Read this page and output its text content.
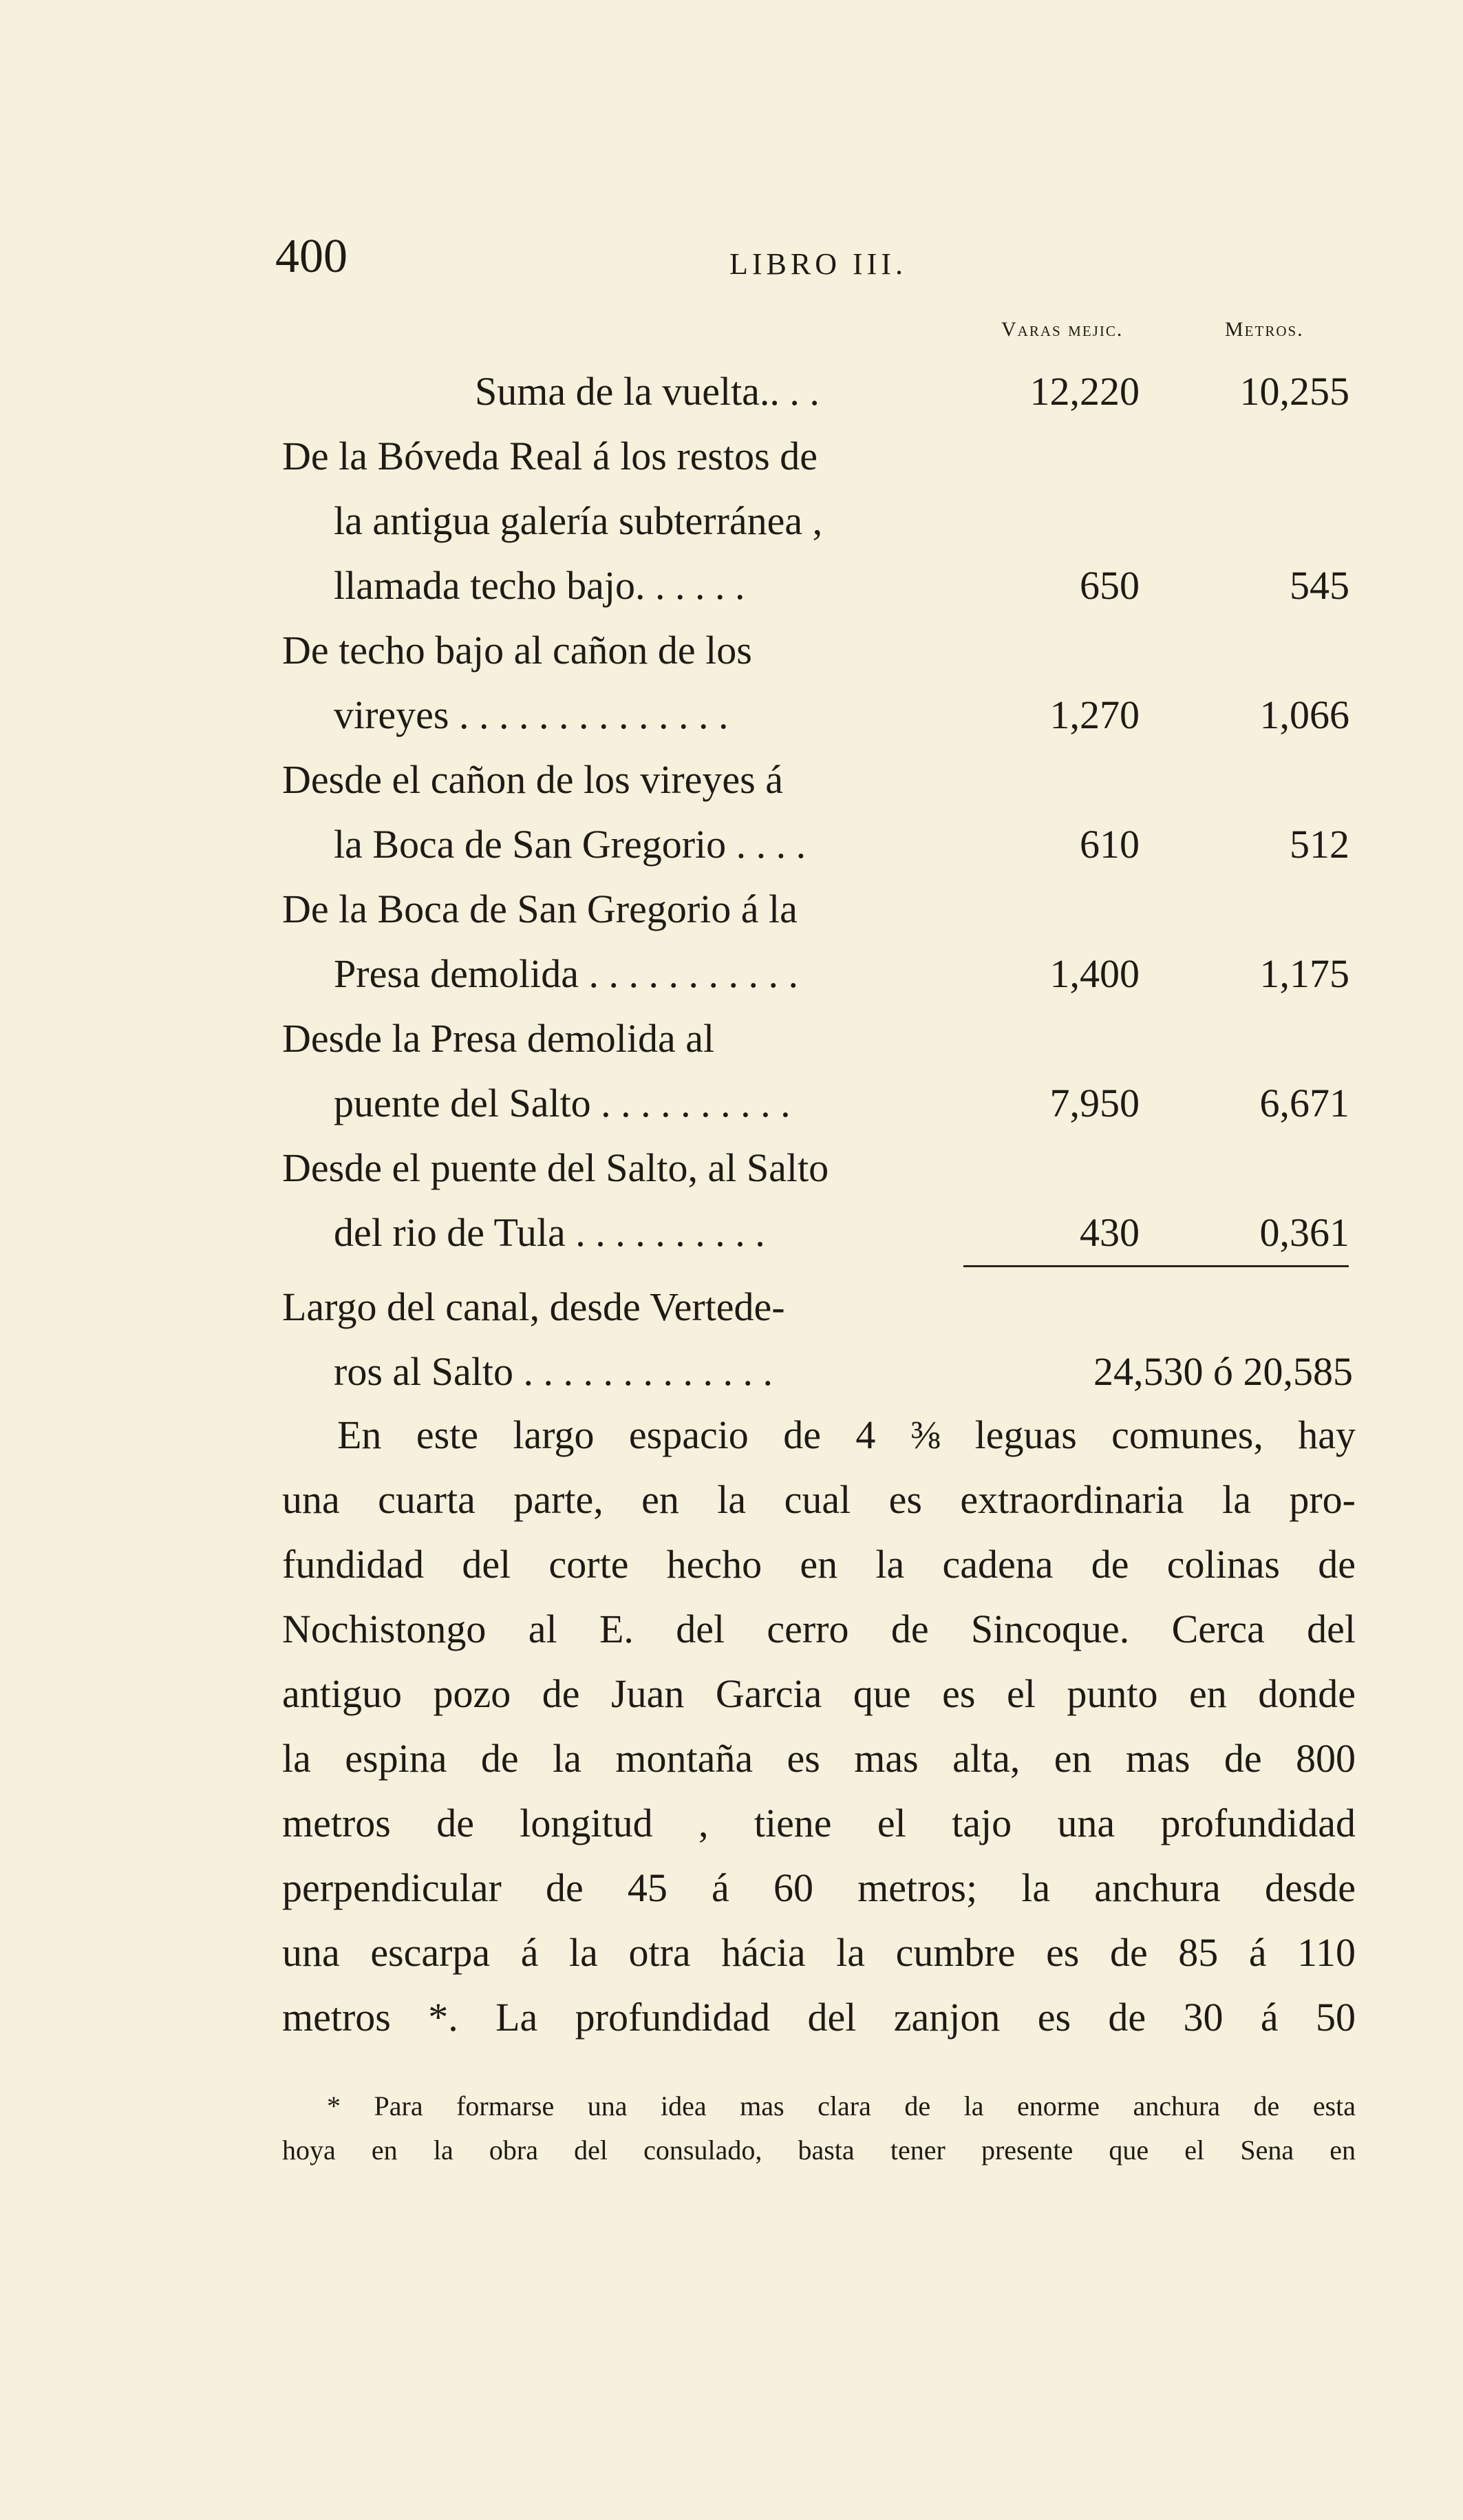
400	LIBRO III.
Varas mejic.	Metros.
Suma de la vuelta.. . .	12,220	10,255
De la Bóveda Real á los restos de
la antigua galería subterránea ,
llamada techo bajo. . . . . .	650	545
De techo bajo al cañon de los
vireyes . . . . . . . . . . . . . .	1,270	1,066
Desde el cañon de los vireyes á
la Boca de San Gregorio . . . .	610	512
De la Boca de San Gregorio á la
Presa demolida . . . . . . . . . . .	1,400	1,175
Desde la Presa demolida al
puente del Salto . . . . . . . . . .	7,950	6,671
Desde el puente del Salto, al Salto
del rio de Tula . . . . . . . . . .	430	0,361
Largo del canal, desde Vertede-
ros al Salto . . . . . . . . . . . . .	24,530 ó 20,585
En este largo espacio de 4 ⅜ leguas comunes, hay
una cuarta parte, en la cual es extraordinaria la pro-
fundidad del corte hecho en la cadena de colinas de
Nochistongo al E. del cerro de Sincoque. Cerca del
antiguo pozo de Juan Garcia que es el punto en donde
la espina de la montaña es mas alta, en mas de 800
metros de longitud , tiene el tajo una profundidad
perpendicular de 45 á 60 metros; la anchura desde
una escarpa á la otra hácia la cumbre es de 85 á 110
metros *. La profundidad del zanjon es de 30 á 50
* Para formarse una idea mas clara de la enorme anchura de esta
hoya en la obra del consulado, basta tener presente que el Sena en
